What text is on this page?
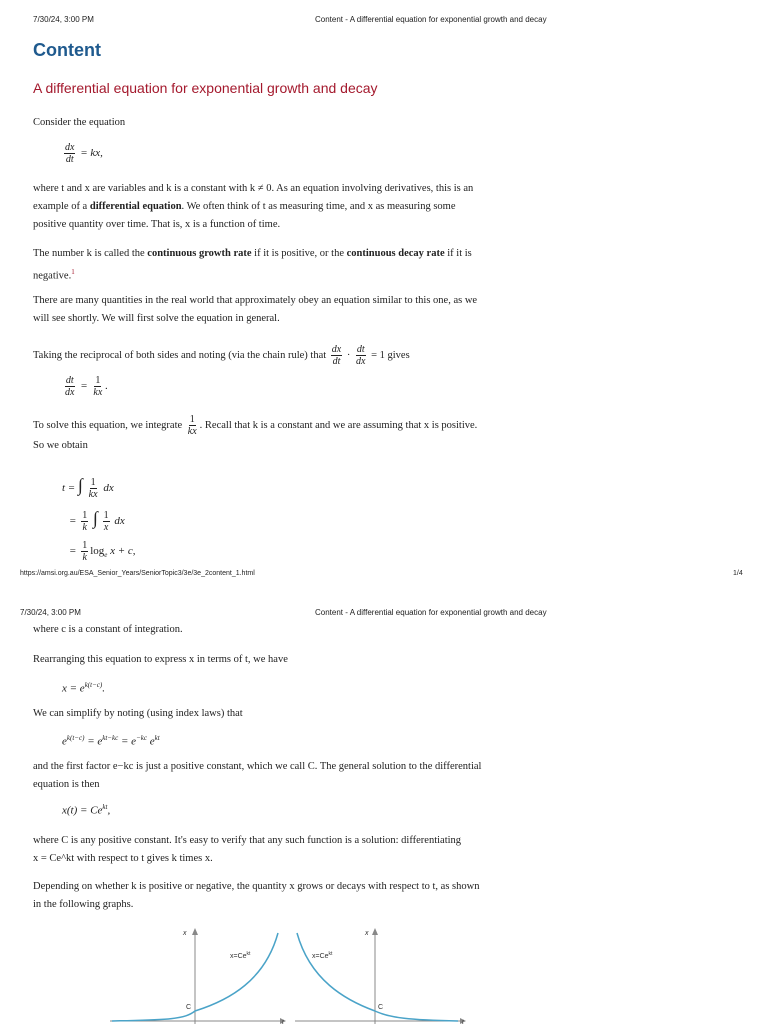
7/30/24, 3:00 PM	Content - A differential equation for exponential growth and decay
Content
A differential equation for exponential growth and decay
Consider the equation
$\frac{dx}{dt}$ = kx,
where t and x are variables and k is a constant with k ≠ 0. As an equation involving derivatives, this is an
example of a differential equation. We often think of t as measuring time, and x as measuring some
positive quantity over time. That is, x is a function of time.
The number k is called the continuous growth rate if it is positive, or the continuous decay rate if it is
negative.$^1$
There are many quantities in the real world that approximately obey an equation similar to this one, as we
will see shortly. We will first solve the equation in general.
Taking the reciprocal of both sides and noting (via the chain rule) that $\frac{dx}{dt} \cdot \frac{dt}{dx} = 1$ gives
$\frac{dt}{dx} = \frac{1}{kx}$ .
To solve this equation, we integrate $\frac{1}{kx}$ . Recall that k is a constant and we are assuming that x is positive.
So we obtain
t = ∫ $\frac{1}{kx}$ dx
= $\frac{1}{k}$ ∫ $\frac{1}{x}$ dx
= $\frac{1}{k} \log_e x + c$,
https://amsi.org.au/ESA_Senior_Years/SeniorTopic3/3e/3e_2content_1.html	1/4
7/30/24, 3:00 PM	Content - A differential equation for exponential growth and decay
where c is a constant of integration.
Rearranging this equation to express x in terms of t, we have
$x = e^{k(t-c)}$.
We can simplify by noting (using index laws) that
$e^{k(t-c)} = e^{kt-kc} = e^{-kc}$ $e^{kt}$
and the first factor e−kc is just a positive constant, which we call C. The general solution to the differential
equation is then
$x(t) = Ce^{kt}$,
where C is any positive constant. It's easy to verify that any such function is a solution: differentiating
x = Ce^kt with respect to t gives k times x.
Depending on whether k is positive or negative, the quantity x grows or decays with respect to t, as shown
in the following graphs.
x
t
C
$x=Ce^{kt}$
x
t
C
$x=Ce^{kt}$
